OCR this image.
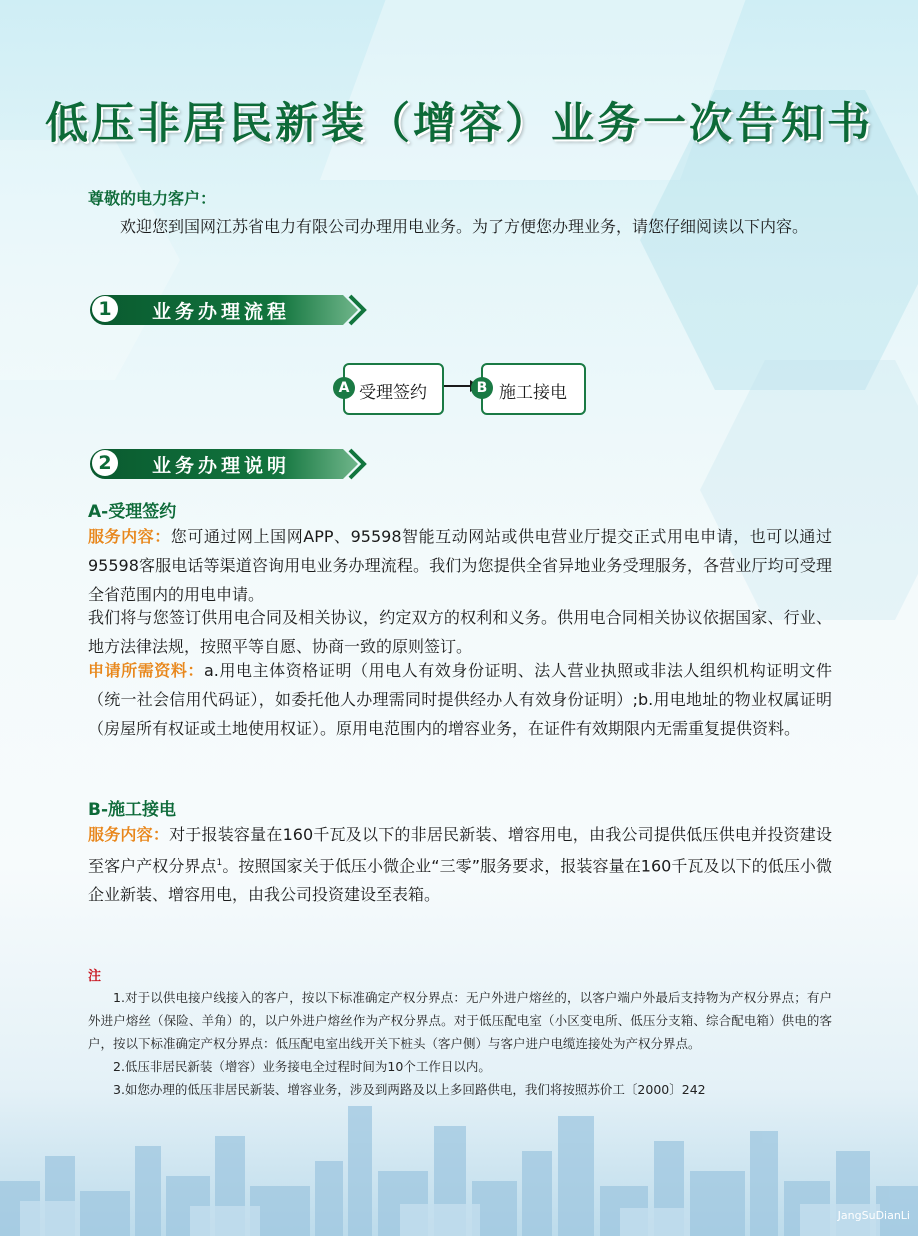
低压非居民新装（增容）业务一次告知书
尊敬的电力客户：
欢迎您到国网江苏省电力有限公司办理用电业务。为了方便您办理业务，请您仔细阅读以下内容。
1	业务办理流程
A 受理签约	B 施工接电
2	业务办理说明
A-受理签约
服务内容：您可通过网上国网APP、95598智能互动网站或供电营业厅提交正式用电申请，也可以通过95598客服电话等渠道咨询用电业务办理流程。我们为您提供全省异地业务受理服务，各营业厅均可受理全省范围内的用电申请。
我们将与您签订供用电合同及相关协议，约定双方的权利和义务。供用电合同相关协议依据国家、行业、地方法律法规，按照平等自愿、协商一致的原则签订。
申请所需资料：a.用电主体资格证明（用电人有效身份证明、法人营业执照或非法人组织机构证明文件（统一社会信用代码证），如委托他人办理需同时提供经办人有效身份证明）;b.用电地址的物业权属证明（房屋所有权证或土地使用权证）。原用电范围内的增容业务，在证件有效期限内无需重复提供资料。
B-施工接电
服务内容：对于报装容量在160千瓦及以下的非居民新装、增容用电，由我公司提供低压供电并投资建设至客户产权分界点$^1$。按照国家关于低压小微企业“三零”服务要求，报装容量在160千瓦及以下的低压小微企业新装、增容用电，由我公司投资建设至表箱。
注

1.对于以供电接户线接入的客户，按以下标准确定产权分界点：无户外进户熔丝的，以客户端户外最后支持物为产权分界点；有户外进户熔丝（保险、羊角）的，以户外进户熔丝作为产权分界点。对于低压配电室（小区变电所、低压分支箱、综合配电箱）供电的客户，按以下标准确定产权分界点：低压配电室出线开关下桩头（客户侧）与客户进户电缆连接处为产权分界点。

2.低压非居民新装（增容）业务接电全过程时间为10个工作日以内。

3.如您办理的低压非居民新装、增容业务，涉及到两路及以上多回路供电，我们将按照苏价工〔2000〕242

JangSuDianLi
